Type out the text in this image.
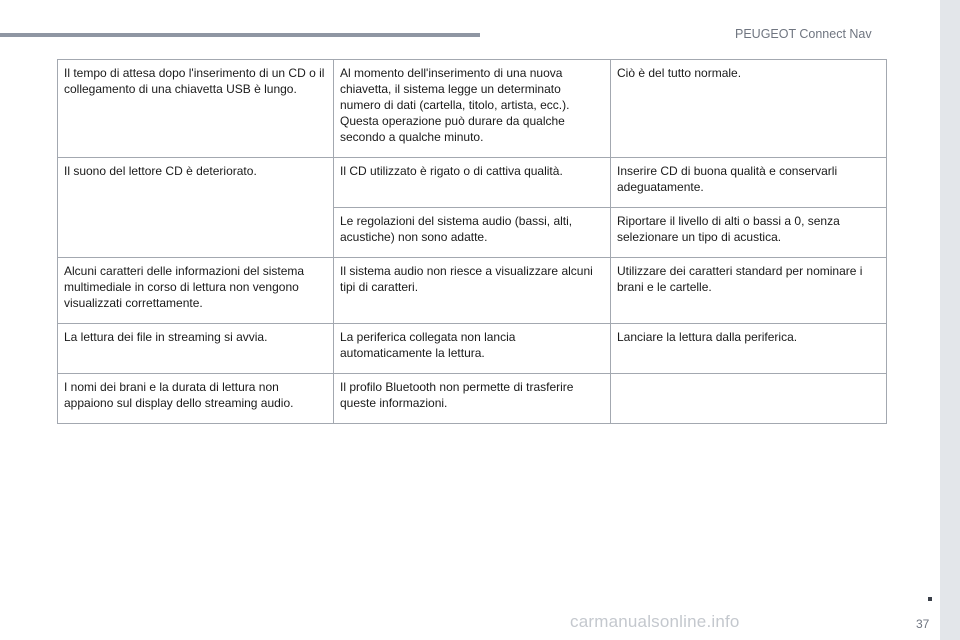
PEUGEOT Connect Nav
Il tempo di attesa dopo l'inserimento di un CD o il collegamento di una chiavetta USB è lungo.	Al momento dell'inserimento di una nuova chiavetta, il sistema legge un determinato numero di dati (cartella, titolo, artista, ecc.). Questa operazione può durare da qualche secondo a qualche minuto.	Ciò è del tutto normale.
Il suono del lettore CD è deteriorato.	Il CD utilizzato è rigato o di cattiva qualità.	Inserire CD di buona qualità e conservarli adeguatamente.
	Le regolazioni del sistema audio (bassi, alti, acustiche) non sono adatte.	Riportare il livello di alti o bassi a 0, senza selezionare un tipo di acustica.
Alcuni caratteri delle informazioni del sistema multimediale in corso di lettura non vengono visualizzati correttamente.	Il sistema audio non riesce a visualizzare alcuni tipi di caratteri.	Utilizzare dei caratteri standard per nominare i brani e le cartelle.
La lettura dei file in streaming si avvia.	La periferica collegata non lancia automaticamente la lettura.	Lanciare la lettura dalla periferica.
I nomi dei brani e la durata di lettura non appaiono sul display dello streaming audio.	Il profilo Bluetooth non permette di trasferire queste informazioni.	
37
carmanualsonline.info
